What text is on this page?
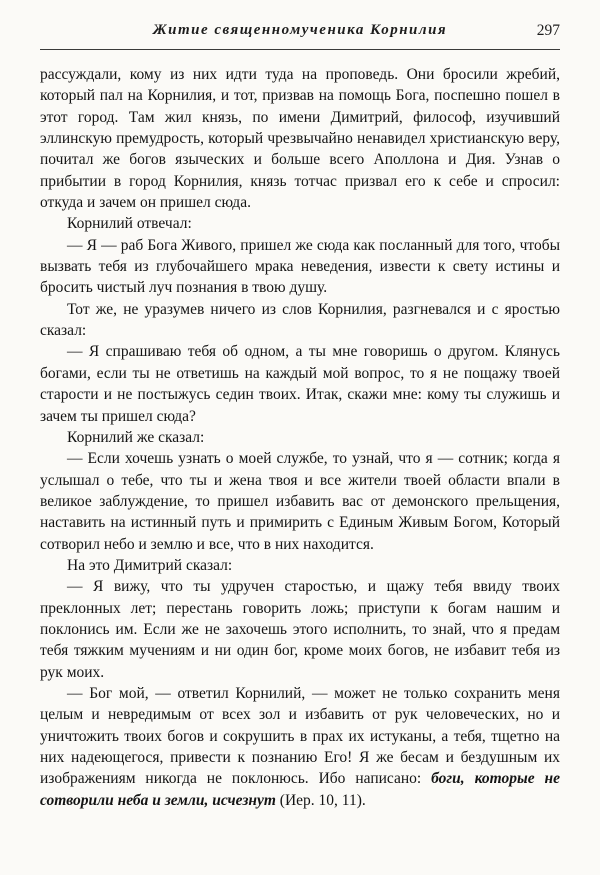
Житие священномученика Корнилия	297

рассуждали, кому из них идти туда на проповедь. Они бросили жребий, который пал на Корнилия, и тот, призвав на помощь Бога, поспешно пошел в этот город. Там жил князь, по имени Димитрий, философ, изучивший эллинскую премудрость, который чрезвычайно ненавидел христианскую веру, почитал же богов языческих и больше всего Аполлона и Дия. Узнав о прибытии в город Корнилия, князь тотчас призвал его к себе и спросил: откуда и зачем он пришел сюда.

Корнилий отвечал:

— Я — раб Бога Живого, пришел же сюда как посланный для того, чтобы вызвать тебя из глубочайшего мрака неведения, извести к свету истины и бросить чистый луч познания в твою душу.

Тот же, не уразумев ничего из слов Корнилия, разгневался и с яростью сказал:

— Я спрашиваю тебя об одном, а ты мне говоришь о другом. Клянусь богами, если ты не ответишь на каждый мой вопрос, то я не пощажу твоей старости и не постыжусь седин твоих. Итак, скажи мне: кому ты служишь и зачем ты пришел сюда?

Корнилий же сказал:

— Если хочешь узнать о моей службе, то узнай, что я — сотник; когда я услышал о тебе, что ты и жена твоя и все жители твоей области впали в великое заблуждение, то пришел избавить вас от демонского прельщения, наставить на истинный путь и примирить с Единым Живым Богом, Который сотворил небо и землю и все, что в них находится.

На это Димитрий сказал:

— Я вижу, что ты удручен старостью, и щажу тебя ввиду твоих преклонных лет; перестань говорить ложь; приступи к богам нашим и поклонись им. Если же не захочешь этого исполнить, то знай, что я предам тебя тяжким мучениям и ни один бог, кроме моих богов, не избавит тебя из рук моих.

— Бог мой, — ответил Корнилий, — может не только сохранить меня целым и невредимым от всех зол и избавить от рук человеческих, но и уничтожить твоих богов и сокрушить в прах их истуканы, а тебя, тщетно на них надеющегося, привести к познанию Его! Я же бесам и бездушным их изображениям никогда не поклонюсь. Ибо написано: боги, которые не сотворили неба и земли, исчезнут (Иер. 10, 11).
